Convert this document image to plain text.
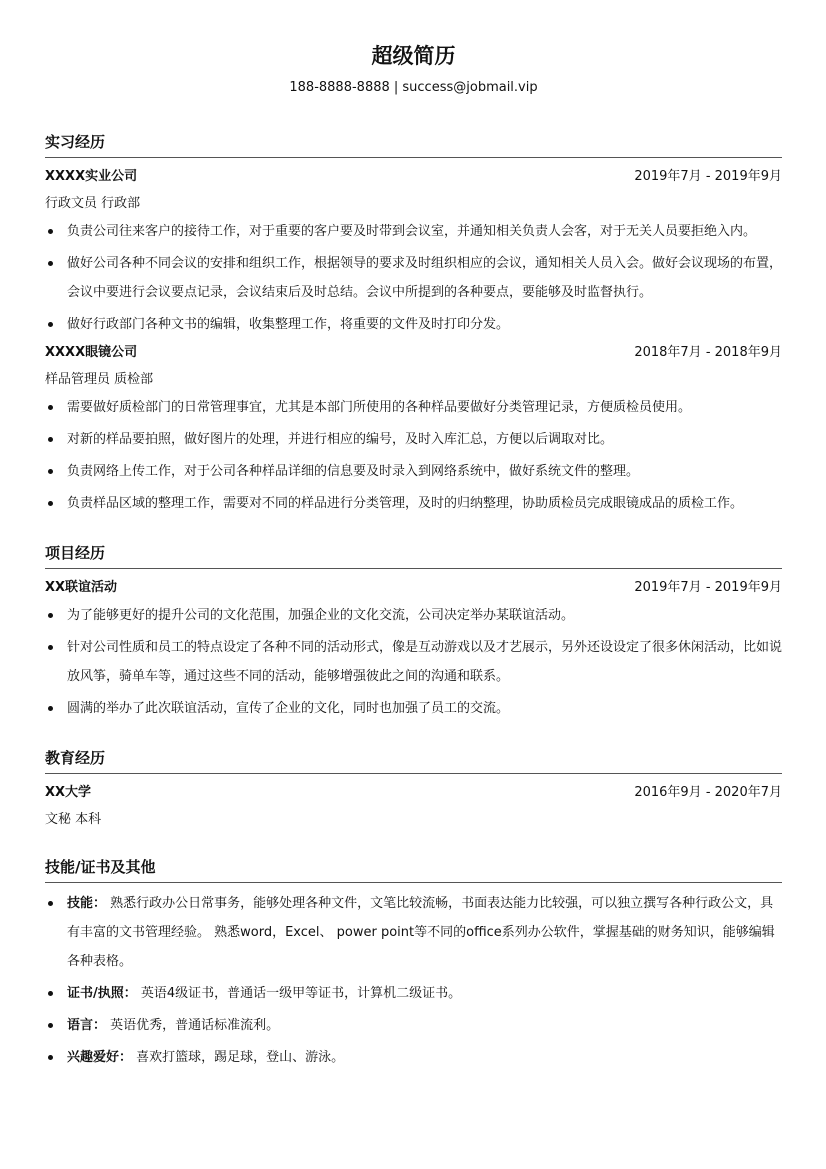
超级简历
188-8888-8888 | success@jobmail.vip
实习经历
XXXX实业公司	2019年7月 - 2019年9月
行政文员 行政部
负责公司往来客户的接待工作，对于重要的客户要及时带到会议室，并通知相关负责人会客，对于无关人员要拒绝入内。
做好公司各种不同会议的安排和组织工作，根据领导的要求及时组织相应的会议，通知相关人员入会。做好会议现场的布置，会议中要进行会议要点记录，会议结束后及时总结。会议中所提到的各种要点，要能够及时监督执行。
做好行政部门各种文书的编辑，收集整理工作，将重要的文件及时打印分发。
XXXX眼镜公司	2018年7月 - 2018年9月
样品管理员 质检部
需要做好质检部门的日常管理事宜，尤其是本部门所使用的各种样品要做好分类管理记录，方便质检员使用。
对新的样品要拍照，做好图片的处理，并进行相应的编号，及时入库汇总，方便以后调取对比。
负责网络上传工作，对于公司各种样品详细的信息要及时录入到网络系统中，做好系统文件的整理。
负责样品区域的整理工作，需要对不同的样品进行分类管理，及时的归纳整理，协助质检员完成眼镜成品的质检工作。
项目经历
XX联谊活动	2019年7月 - 2019年9月
为了能够更好的提升公司的文化范围，加强企业的文化交流，公司决定举办某联谊活动。
针对公司性质和员工的特点设定了各种不同的活动形式，像是互动游戏以及才艺展示，另外还设设定了很多休闲活动，比如说放风筝，骑单车等，通过这些不同的活动，能够增强彼此之间的沟通和联系。
圆满的举办了此次联谊活动，宣传了企业的文化，同时也加强了员工的交流。
教育经历
XX大学	2016年9月 - 2020年7月
文秘 本科
技能/证书及其他
技能： 熟悉行政办公日常事务，能够处理各种文件，文笔比较流畅，书面表达能力比较强，可以独立撰写各种行政公文，具有丰富的文书管理经验。 熟悉word，Excel、 power point等不同的office系列办公软件，掌握基础的财务知识，能够编辑各种表格。
证书/执照： 英语4级证书，普通话一级甲等证书，计算机二级证书。
语言： 英语优秀，普通话标准流利。
兴趣爱好： 喜欢打篮球，踢足球，登山、游泳。
